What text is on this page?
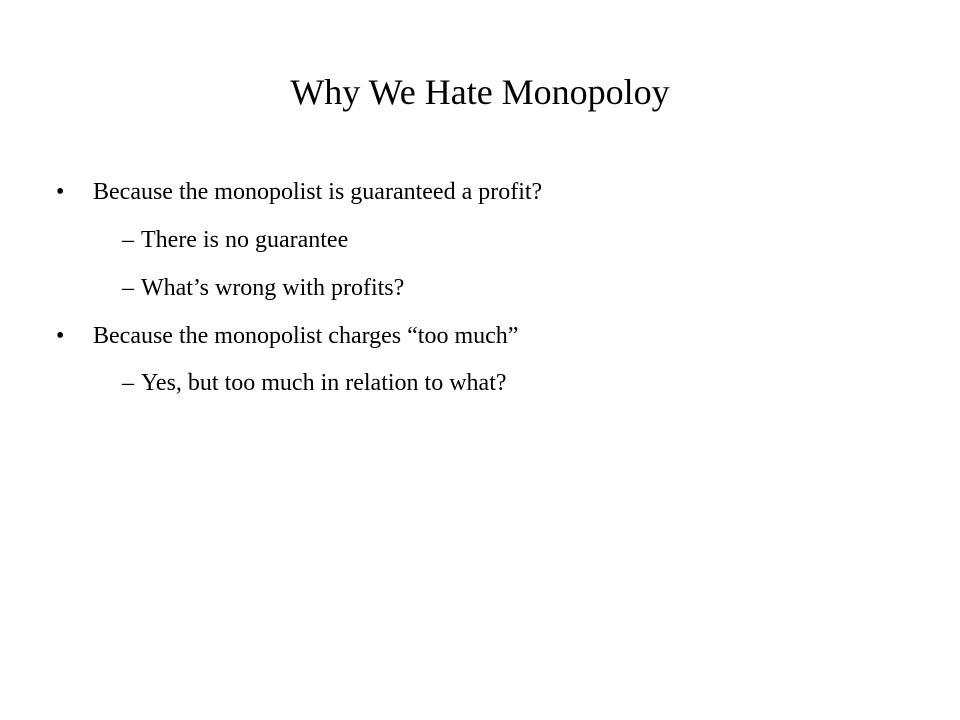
Why We Hate Monopoloy
• Because the monopolist is guaranteed a profit?
– There is no guarantee
– What’s wrong with profits?
• Because the monopolist charges “too much”
– Yes, but too much in relation to what?
